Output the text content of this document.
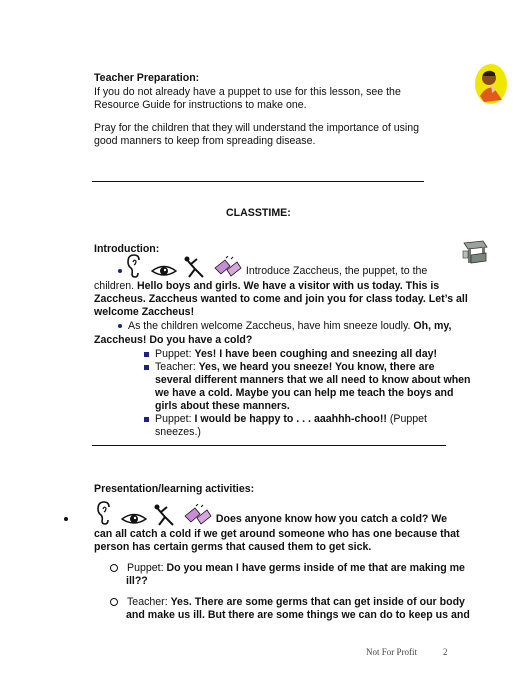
Teacher Preparation:
If you do not already have a puppet to use for this lesson, see the
Resource Guide for instructions to make one.
Pray for the children that they will understand the importance of using
good manners to keep from spreading disease.
CLASSTIME:
Introduction:

Introduce Zaccheus, the puppet, to the
children. Hello boys and girls. We have a visitor with us today. This is
Zaccheus. Zaccheus wanted to come and join you for class today. Let’s all
welcome Zaccheus!
As the children welcome Zaccheus, have him sneeze loudly. Oh, my,
Zaccheus! Do you have a cold?
Puppet: Yes! I have been coughing and sneezing all day!
Teacher: Yes, we heard you sneeze! You know, there are
several different manners that we all need to know about when
we have a cold. Maybe you can help me teach the boys and
girls about these manners.
Puppet: I would be happy to . . . aaahhh-choo!! (Puppet
sneezes.)
Presentation/learning activities:

Does anyone know how you catch a cold? We
can all catch a cold if we get around someone who has one because that
person has certain germs that caused them to get sick.
Puppet: Do you mean I have germs inside of me that are making me
ill??
Teacher: Yes. There are some germs that can get inside of our body
and make us ill. But there are some things we can do to keep us and
Not For Profit	2
